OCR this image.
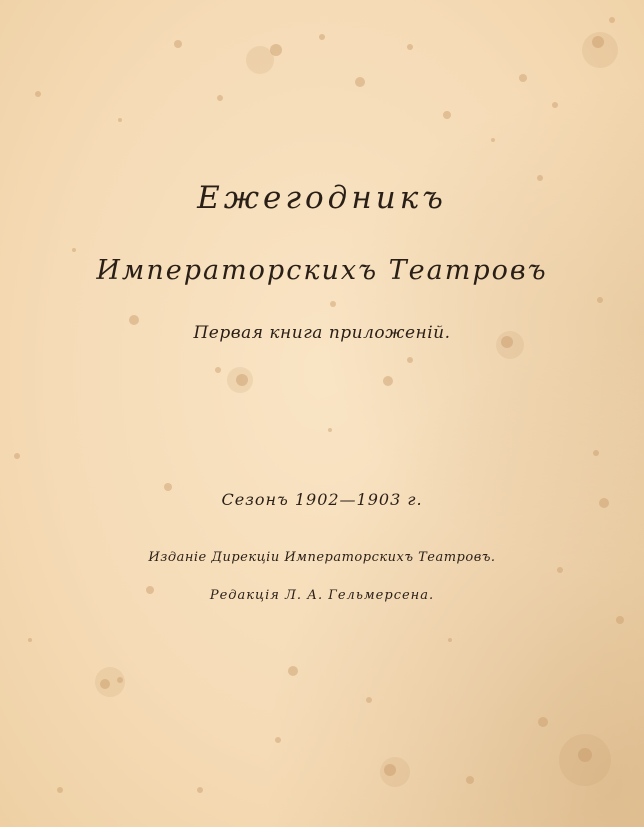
Ежегодникъ
Императорскихъ Театровъ
Первая книга приложеній.
Сезонъ 1902—1903 г.
Изданіе Дирекціи Императорскихъ Театровъ.
Редакція Л. А. Гельмерсена.
